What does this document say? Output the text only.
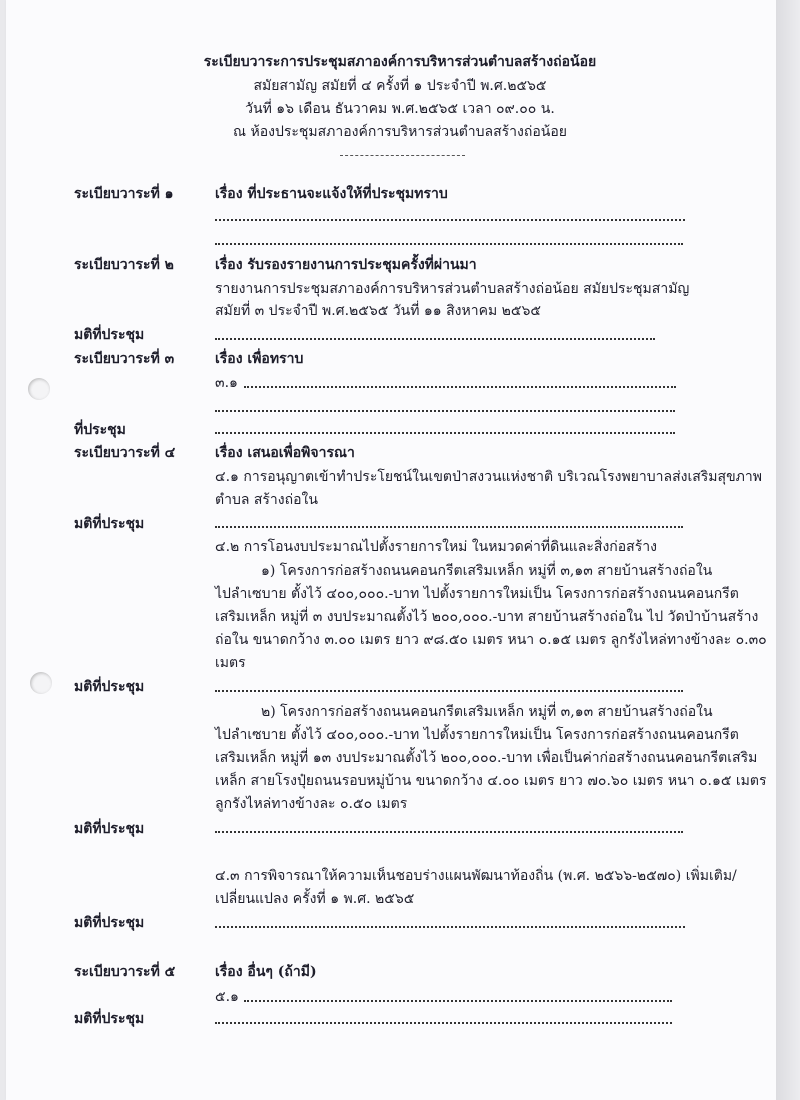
ระเบียบวาระการประชุมสภาองค์การบริหารส่วนตำบลสร้างถ่อน้อย
สมัยสามัญ สมัยที่ ๔ ครั้งที่ ๑ ประจำปี พ.ศ.๒๕๖๕
วันที่ ๑๖ เดือน ธันวาคม พ.ศ.๒๕๖๕ เวลา ๐๙.๐๐ น.
ณ ห้องประชุมสภาองค์การบริหารส่วนตำบลสร้างถ่อน้อย
ระเบียบวาระที่ ๑	เรื่อง ที่ประธานจะแจ้งให้ที่ประชุมทราบ
ระเบียบวาระที่ ๒	เรื่อง รับรองรายงานการประชุมครั้งที่ผ่านมา
รายงานการประชุมสภาองค์การบริหารส่วนตำบลสร้างถ่อน้อย สมัยประชุมสามัญ
สมัยที่ ๓ ประจำปี พ.ศ.๒๕๖๕ วันที่ ๑๑ สิงหาคม ๒๕๖๕
มติที่ประชุม
ระเบียบวาระที่ ๓	เรื่อง เพื่อทราบ
๓.๑
ที่ประชุม
ระเบียบวาระที่ ๔	เรื่อง เสนอเพื่อพิจารณา
๔.๑ การอนุญาตเข้าทำประโยชน์ในเขตป่าสงวนแห่งชาติ บริเวณโรงพยาบาลส่งเสริมสุขภาพ
ตำบล สร้างถ่อใน
มติที่ประชุม
๔.๒ การโอนงบประมาณไปตั้งรายการใหม่ ในหมวดค่าที่ดินและสิ่งก่อสร้าง
๑) โครงการก่อสร้างถนนคอนกรีตเสริมเหล็ก หมู่ที่ ๓,๑๓ สายบ้านสร้างถ่อใน
ไปลำเซบาย ตั้งไว้ ๔๐๐,๐๐๐.-บาท ไปตั้งรายการใหม่เป็น โครงการก่อสร้างถนนคอนกรีต
เสริมเหล็ก หมู่ที่ ๓ งบประมาณตั้งไว้ ๒๐๐,๐๐๐.-บาท สายบ้านสร้างถ่อใน ไป วัดป่าบ้านสร้าง
ถ่อใน ขนาดกว้าง ๓.๐๐ เมตร ยาว ๙๘.๕๐ เมตร หนา ๐.๑๕ เมตร ลูกรังไหล่ทางข้างละ ๐.๓๐
เมตร
มติที่ประชุม
๒) โครงการก่อสร้างถนนคอนกรีตเสริมเหล็ก หมู่ที่ ๓,๑๓ สายบ้านสร้างถ่อใน
ไปลำเซบาย ตั้งไว้ ๔๐๐,๐๐๐.-บาท ไปตั้งรายการใหม่เป็น โครงการก่อสร้างถนนคอนกรีต
เสริมเหล็ก หมู่ที่ ๑๓ งบประมาณตั้งไว้ ๒๐๐,๐๐๐.-บาท เพื่อเป็นค่าก่อสร้างถนนคอนกรีตเสริม
เหล็ก สายโรงปุ๋ยถนนรอบหมู่บ้าน ขนาดกว้าง ๔.๐๐ เมตร ยาว ๗๐.๖๐ เมตร หนา ๐.๑๕ เมตร
ลูกรังไหล่ทางข้างละ ๐.๕๐ เมตร
มติที่ประชุม
๔.๓ การพิจารณาให้ความเห็นชอบร่างแผนพัฒนาท้องถิ่น (พ.ศ. ๒๕๖๖-๒๕๗๐) เพิ่มเติม/
เปลี่ยนแปลง ครั้งที่ ๑ พ.ศ. ๒๕๖๕
มติที่ประชุม
ระเบียบวาระที่ ๕	เรื่อง อื่นๆ (ถ้ามี)
๕.๑
มติที่ประชุม
